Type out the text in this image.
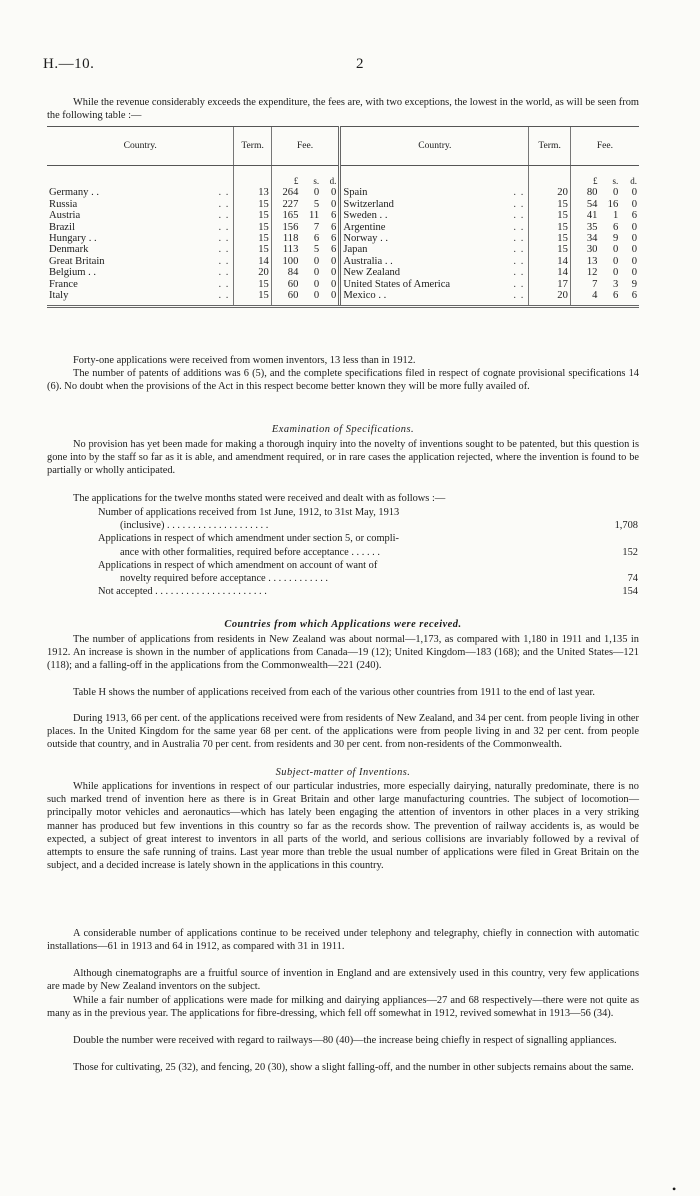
H.—10.	2

While the revenue considerably exceeds the expenditure, the fees are, with two exceptions, the lowest in the world, as will be seen from the following table :—

Country.	Term.	Fee.			Country.	Term.	Fee.		
		£	s.	d.			£	s.	d.
Germany . . . .	13	264	0	0	Spain . .	20	80	0	0
Russia . .	15	227	5	0	Switzerland . .	15	54	16	0
Austria . .	15	165	11	6	Sweden . . . .	15	41	1	6
Brazil . .	15	156	7	6	Argentine . .	15	35	6	0
Hungary . . . .	15	118	6	6	Norway . . . .	15	34	9	0
Denmark . .	15	113	5	6	Japan . .	15	30	0	0
Great Britain . .	14	100	0	0	Australia . . . .	14	13	0	0
Belgium . . . .	20	84	0	0	New Zealand . .	14	12	0	0
France . .	15	60	0	0	United States of America . .	17	7	3	9
Italy . .	15	60	0	0	Mexico . . . .	20	4	6	6

Forty-one applications were received from women inventors, 13 less than in 1912.

The number of patents of additions was 6 (5), and the complete specifications filed in respect of cognate provisional specifications 14 (6). No doubt when the provisions of the Act in this respect become better known they will be more fully availed of.

Examination of Specifications.

No provision has yet been made for making a thorough inquiry into the novelty of inventions sought to be patented, but this question is gone into by the staff so far as it is able, and amendment required, or in rare cases the application rejected, where the invention is found to be partially or wholly anticipated.

The applications for the twelve months stated were received and dealt with as follows :—

Number of applications received from 1st June, 1912, to 31st May, 1913
(inclusive) . . . . . . . . . . . . . . . . . . . .	1,708
Applications in respect of which amendment under section 5, or compli-
ance with other formalities, required before acceptance . . . . . .	152
Applications in respect of which amendment on account of want of
novelty required before acceptance . . . . . . . . . . . .	74
Not accepted . . . . . . . . . . . . . . . . . . . . . .	154
Countries from which Applications were received.

The number of applications from residents in New Zealand was about normal—1,173, as compared with 1,180 in 1911 and 1,135 in 1912. An increase is shown in the number of applications from Canada—19 (12); United Kingdom—183 (168); and the United States—121 (118); and a falling-off in the applications from the Commonwealth—221 (240).

Table H shows the number of applications received from each of the various other countries from 1911 to the end of last year.

During 1913, 66 per cent. of the applications received were from residents of New Zealand, and 34 per cent. from people living in other places. In the United Kingdom for the same year 68 per cent. of the applications were from people living in and 32 per cent. from people outside that country, and in Australia 70 per cent. from residents and 30 per cent. from non-residents of the Commonwealth.

Subject-matter of Inventions.

While applications for inventions in respect of our particular industries, more especially dairying, naturally predominate, there is no such marked trend of invention here as there is in Great Britain and other large manufacturing countries. The subject of locomotion—principally motor vehicles and aeronautics—which has lately been engaging the attention of inventors in other places in a very striking manner has produced but few inventions in this country so far as the records show. The prevention of railway accidents is, as would be expected, a subject of great interest to inventors in all parts of the world, and serious collisions are invariably followed by a revival of attempts to ensure the safe running of trains. Last year more than treble the usual number of applications were filed in Great Britain on the subject, and a decided increase is lately shown in the applications in this country.

A considerable number of applications continue to be received under telephony and telegraphy, chiefly in connection with automatic installations—61 in 1913 and 64 in 1912, as compared with 31 in 1911.

Although cinematographs are a fruitful source of invention in England and are extensively used in this country, very few applications are made by New Zealand inventors on the subject.

While a fair number of applications were made for milking and dairying appliances—27 and 68 respectively—there were not quite as many as in the previous year. The applications for fibre-dressing, which fell off somewhat in 1912, revived somewhat in 1913—56 (34).

Double the number were received with regard to railways—80 (40)—the increase being chiefly in respect of signalling appliances.

Those for cultivating, 25 (32), and fencing, 20 (30), show a slight falling-off, and the number in other subjects remains about the same.

•
